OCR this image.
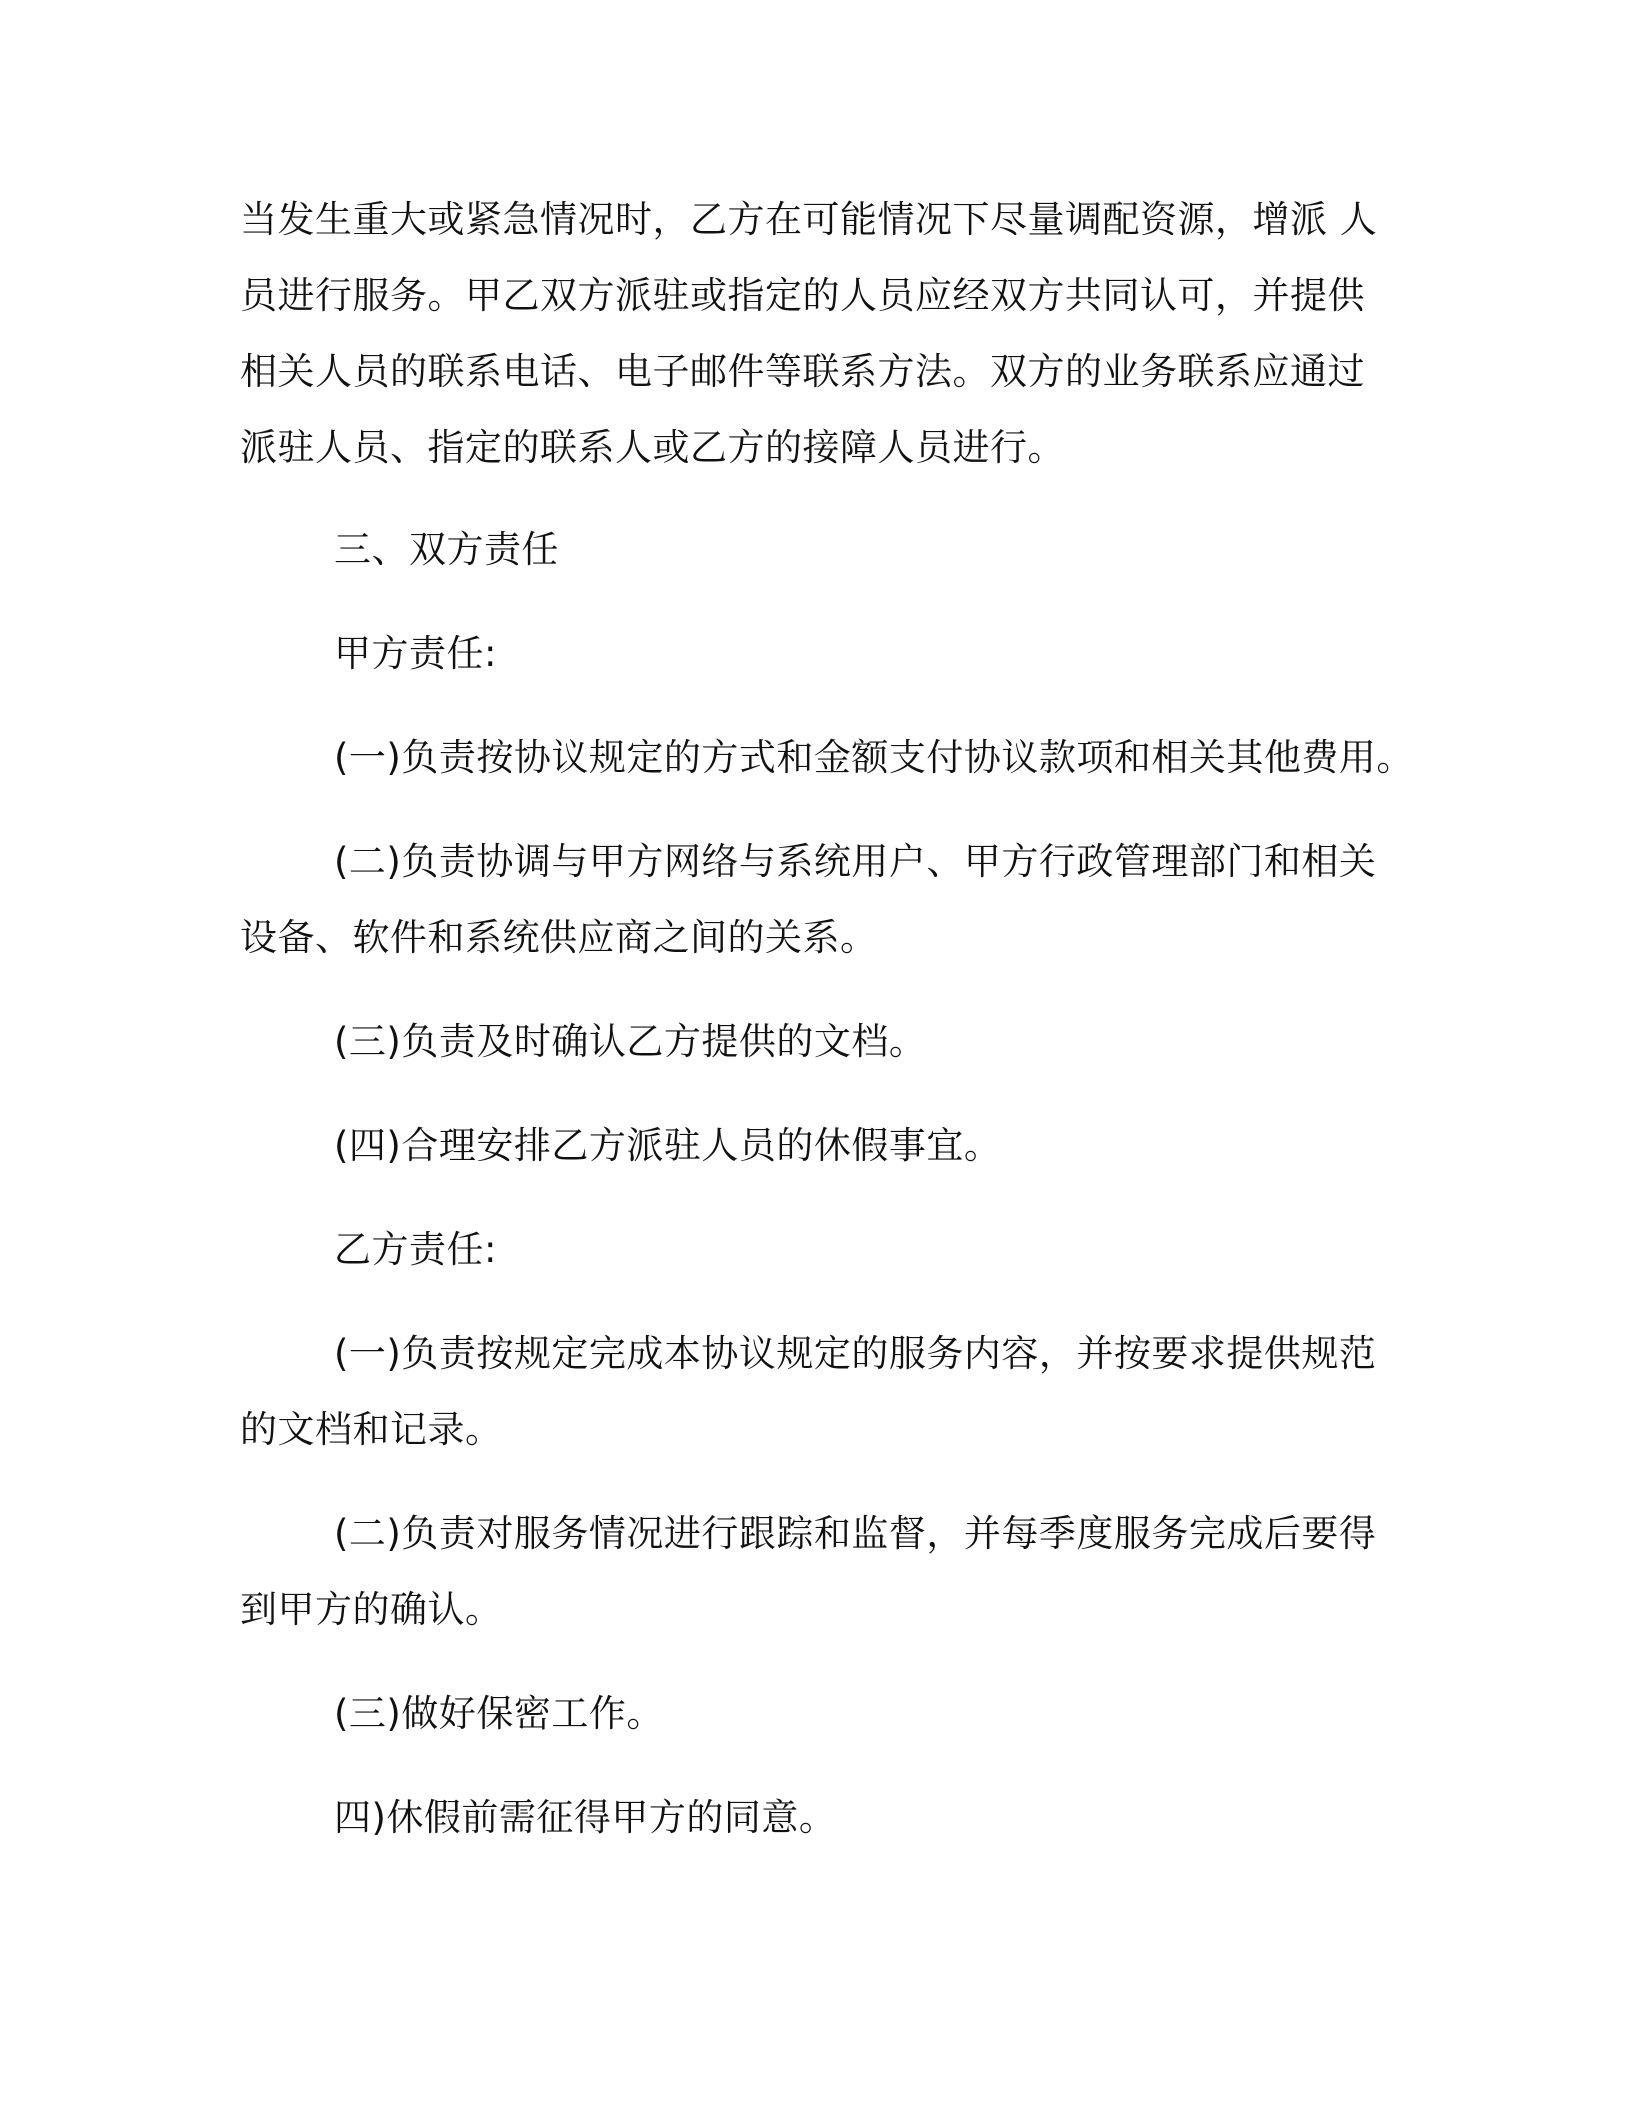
当发生重大或紧急情况时，乙方在可能情况下尽量调配资源，增派 人
员进行服务。甲乙双方派驻或指定的人员应经双方共同认可，并提供
相关人员的联系电话、电子邮件等联系方法。双方的业务联系应通过
派驻人员、指定的联系人或乙方的接障人员进行。
三、双方责任
甲方责任:
(一)负责按协议规定的方式和金额支付协议款项和相关其他费用。
(二)负责协调与甲方网络与系统用户、甲方行政管理部门和相关
设备、软件和系统供应商之间的关系。
(三)负责及时确认乙方提供的文档。
(四)合理安排乙方派驻人员的休假事宜。
乙方责任:
(一)负责按规定完成本协议规定的服务内容，并按要求提供规范
的文档和记录。
(二)负责对服务情况进行跟踪和监督，并每季度服务完成后要得
到甲方的确认。
(三)做好保密工作。
四)休假前需征得甲方的同意。
